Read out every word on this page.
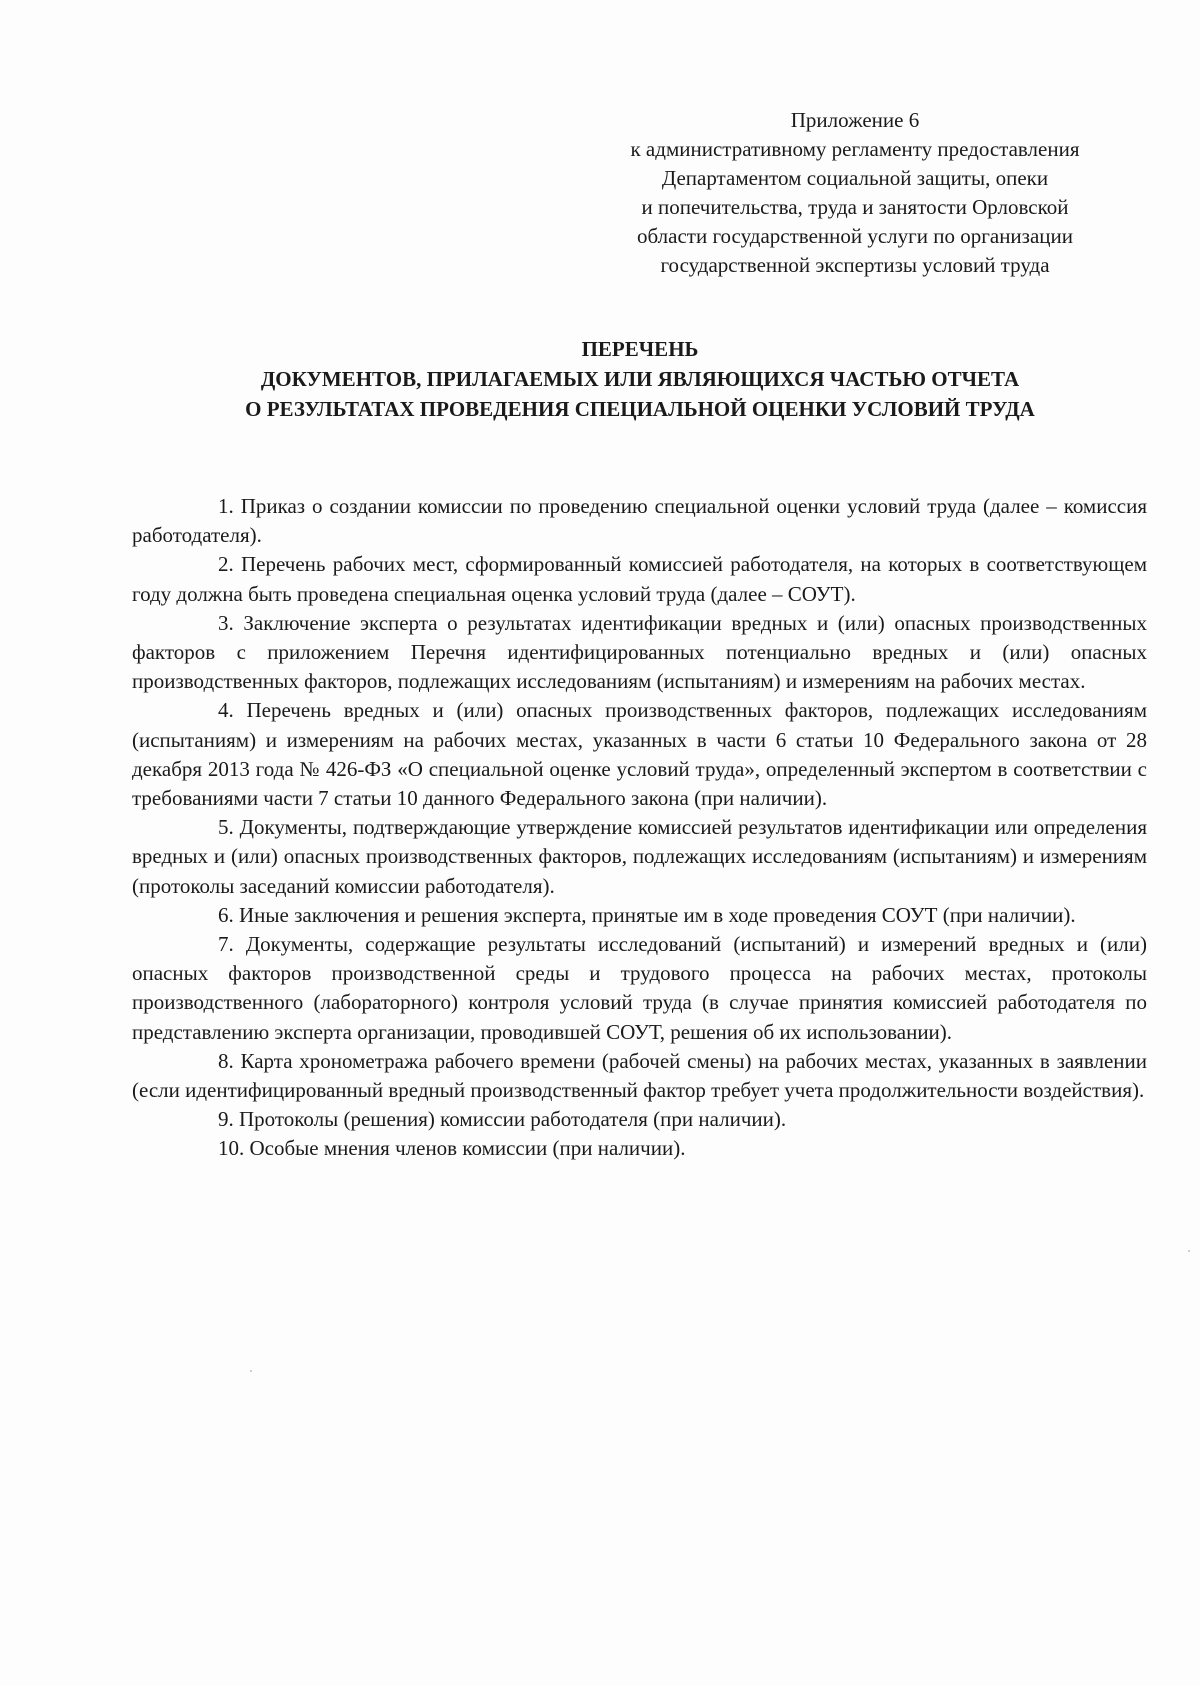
Приложение 6
к административному регламенту предоставления
Департаментом социальной защиты, опеки
и попечительства, труда и занятости Орловской
области государственной услуги по организации
государственной экспертизы условий труда
ПЕРЕЧЕНЬ
ДОКУМЕНТОВ, ПРИЛАГАЕМЫХ ИЛИ ЯВЛЯЮЩИХСЯ ЧАСТЬЮ ОТЧЕТА
О РЕЗУЛЬТАТАХ ПРОВЕДЕНИЯ СПЕЦИАЛЬНОЙ ОЦЕНКИ УСЛОВИЙ ТРУДА

1. Приказ о создании комиссии по проведению специальной оценки условий труда (далее – комиссия работодателя).

2. Перечень рабочих мест, сформированный комиссией работодателя, на которых в соответствующем году должна быть проведена специальная оценка условий труда (далее – СОУТ).

3. Заключение эксперта о результатах идентификации вредных и (или) опасных производственных факторов с приложением Перечня идентифицированных потенциально вредных и (или) опасных производственных факторов, подлежащих исследованиям (испытаниям) и измерениям на рабочих местах.

4. Перечень вредных и (или) опасных производственных факторов, подлежащих исследованиям (испытаниям) и измерениям на рабочих местах, указанных в части 6 статьи 10 Федерального закона от 28 декабря 2013 года № 426-ФЗ «О специальной оценке условий труда», определенный экспертом в соответствии с требованиями части 7 статьи 10 данного Федерального закона (при наличии).

5. Документы, подтверждающие утверждение комиссией результатов идентификации или определения вредных и (или) опасных производственных факторов, подлежащих исследованиям (испытаниям) и измерениям (протоколы заседаний комиссии работодателя).

6. Иные заключения и решения эксперта, принятые им в ходе проведения СОУТ (при наличии).

7. Документы, содержащие результаты исследований (испытаний) и измерений вредных и (или) опасных факторов производственной среды и трудового процесса на рабочих местах, протоколы производственного (лабораторного) контроля условий труда (в случае принятия комиссией работодателя по представлению эксперта организации, проводившей СОУТ, решения об их использовании).

8. Карта хронометража рабочего времени (рабочей смены) на рабочих местах, указанных в заявлении (если идентифицированный вредный производственный фактор требует учета продолжительности воздействия).

9. Протоколы (решения) комиссии работодателя (при наличии).

10. Особые мнения членов комиссии (при наличии).
